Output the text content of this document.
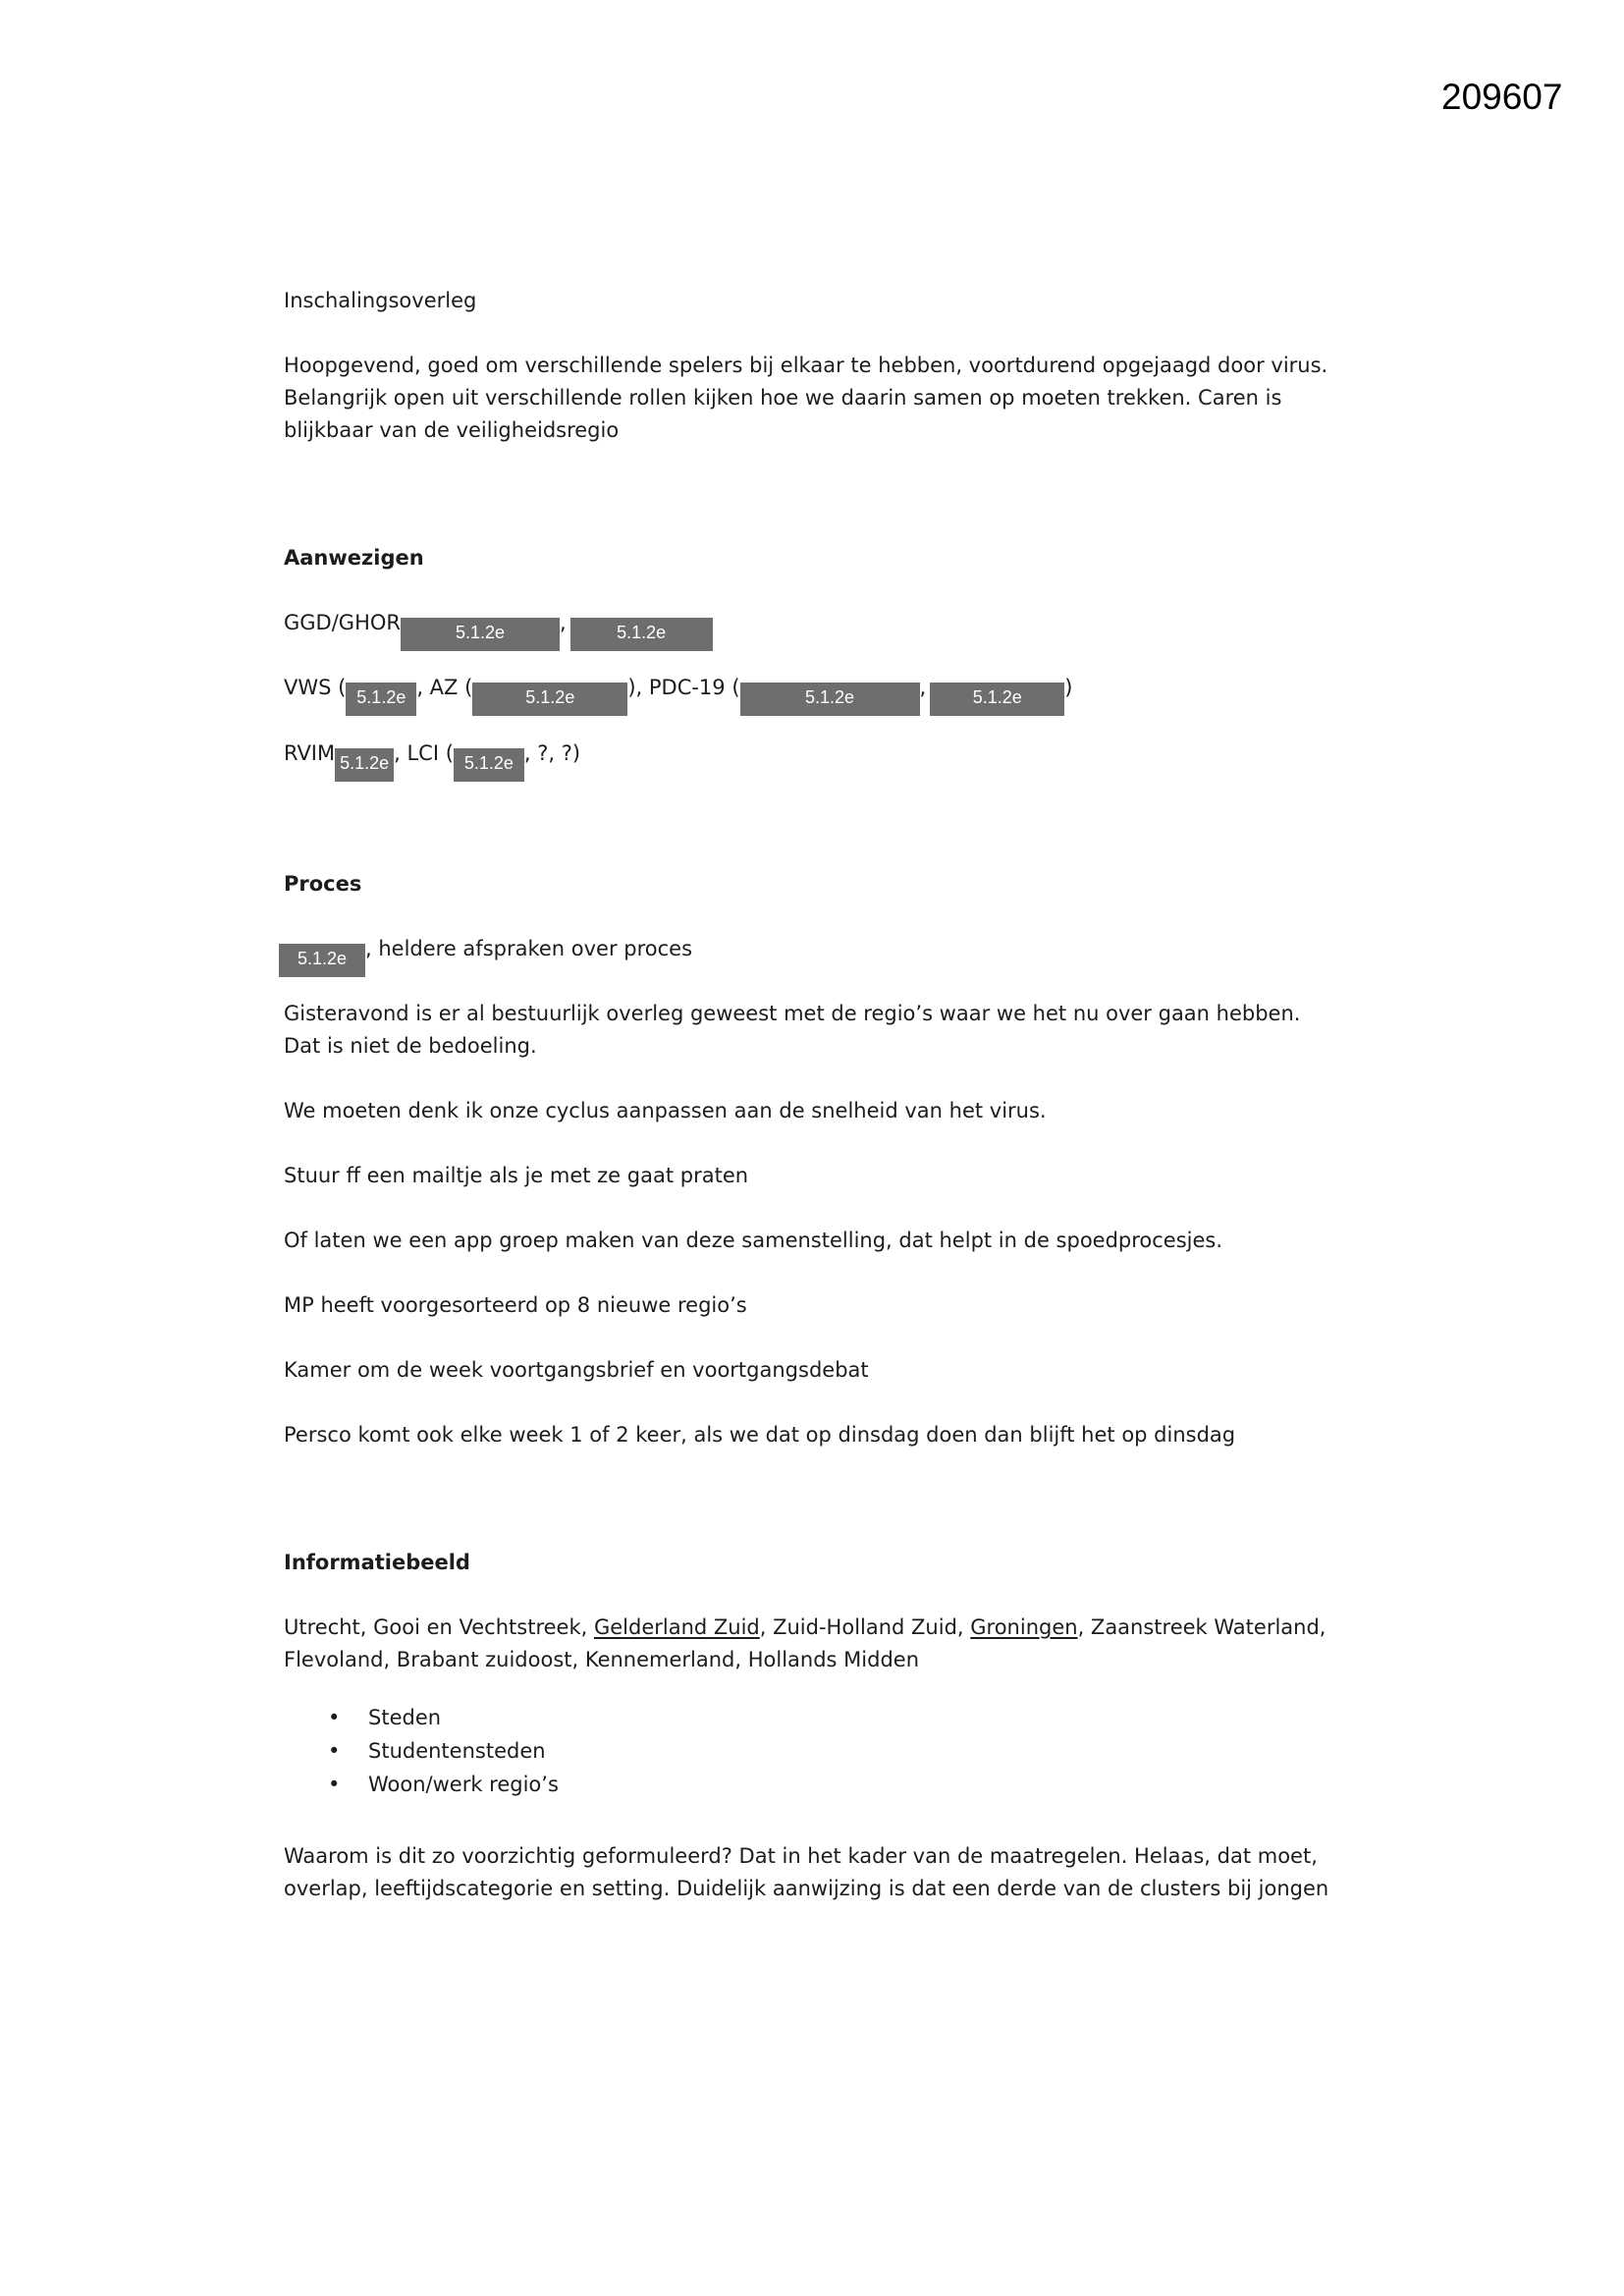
209607
Inschalingsoverleg
Hoopgevend, goed om verschillende spelers bij elkaar te hebben, voortdurend opgejaagd door virus.
Belangrijk open uit verschillende rollen kijken hoe we daarin samen op moeten trekken. Caren is
blijkbaar van de veiligheidsregio
Aanwezigen
GGD/GHOR	5.1.2e	,	5.1.2e
VWS ( 5.1.2e , AZ (	5.1.2e	), PDC-19 (	5.1.2e	,	5.1.2e )
RVIM 5.1.2e , LCI ( 5.1.2e , ?, ?)
Proces
5.1.2e , heldere afspraken over proces
Gisteravond is er al bestuurlijk overleg geweest met de regio’s waar we het nu over gaan hebben.
Dat is niet de bedoeling.
We moeten denk ik onze cyclus aanpassen aan de snelheid van het virus.
Stuur ff een mailtje als je met ze gaat praten
Of laten we een app groep maken van deze samenstelling, dat helpt in de spoedprocesjes.
MP heeft voorgesorteerd op 8 nieuwe regio’s
Kamer om de week voortgangsbrief en voortgangsdebat
Persco komt ook elke week 1 of 2 keer, als we dat op dinsdag doen dan blijft het op dinsdag
Informatiebeeld
Utrecht, Gooi en Vechtstreek, Gelderland Zuid, Zuid-Holland Zuid, Groningen, Zaanstreek Waterland,
Flevoland, Brabant zuidoost, Kennemerland, Hollands Midden
• Steden
• Studentensteden
• Woon/werk regio’s
Waarom is dit zo voorzichtig geformuleerd? Dat in het kader van de maatregelen. Helaas, dat moet,
overlap, leeftijdscategorie en setting. Duidelijk aanwijzing is dat een derde van de clusters bij jongen
